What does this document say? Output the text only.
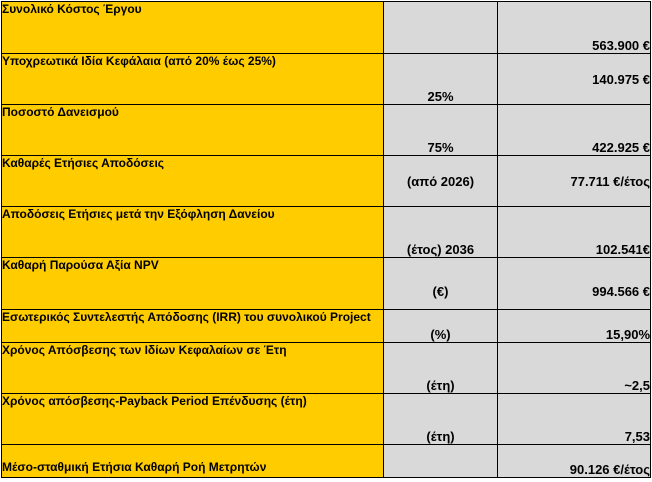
Συνολικό Κόστος Έργου		563.900 €
Υποχρεωτικά Ιδία Κεφάλαια (από 20% έως 25%)	25%	140.975 €
Ποσοστό Δανεισμού	75%	422.925 €
Καθαρές Ετήσιες Αποδόσεις	(από 2026)	77.711 €/έτος
Αποδόσεις Ετήσιες μετά την Εξόφληση Δανείου	(έτος) 2036	102.541€
Καθαρή Παρούσα Αξία NPV	(€)	994.566 €
Εσωτερικός Συντελεστής Απόδοσης (IRR) του συνολικού Project	(%)	15,90%
Χρόνος Απόσβεσης των Ιδίων Κεφαλαίων σε Έτη	(έτη)	~2,5
Χρόνος απόσβεσης-Payback Period Επένδυσης (έτη)	(έτη)	7,53
Μέσο-σταθμική Ετήσια Καθαρή Ροή Μετρητών		90.126 €/έτος
